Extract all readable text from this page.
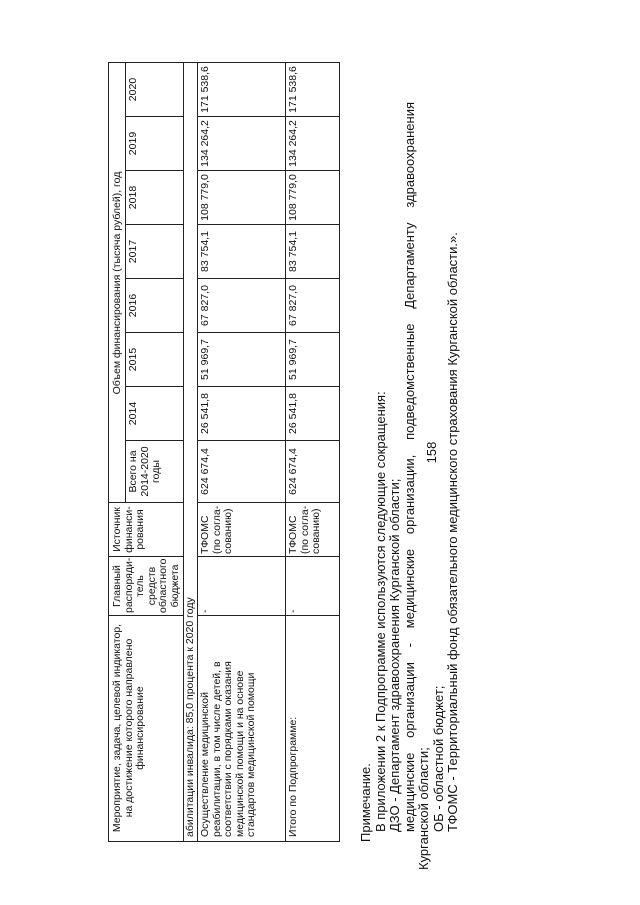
158
Мероприятие, задача, целевой индикатор, на достижение которого направлено финансирование
Главный распоряди-тель средств областного бюджета
Источник финанси-рования
Объем финансирования (тысяча рублей), год
Всего на 2014-2020 годы
2014
2015
2016
2017
2018
2019
2020
абилитации инвалида: 85,0 процента к 2020 году Осуществление медицинской реабилитации, в том числе детей, в соответствии с порядками оказания медицинской помощи и на основе стандартов медицинской помощи
-
ТФОМС (по согла-сованию)
624 674,4
26 541,8
51 969,7
67 827,0
83 754,1
108 779,0
134 264,2
171 538,6
Итого по Подпрограмме:
-
ТФОМС (по согла-сованию)
624 674,4
26 541,8
51 969,7
67 827,0
83 754,1
108 779,0
134 264,2
171 538,6

Примечание. В приложении 2 к Подпрограмме используются следующие сокращения: ДЗО - Департамент здравоохранения Курганской области; медицинские организации - медицинские организации, подведомственные Департаменту здравоохранения Курганской области; ОБ - областной бюджет; ТФОМС - Территориальный фонд обязательного медицинского страхования Курганской области.».
